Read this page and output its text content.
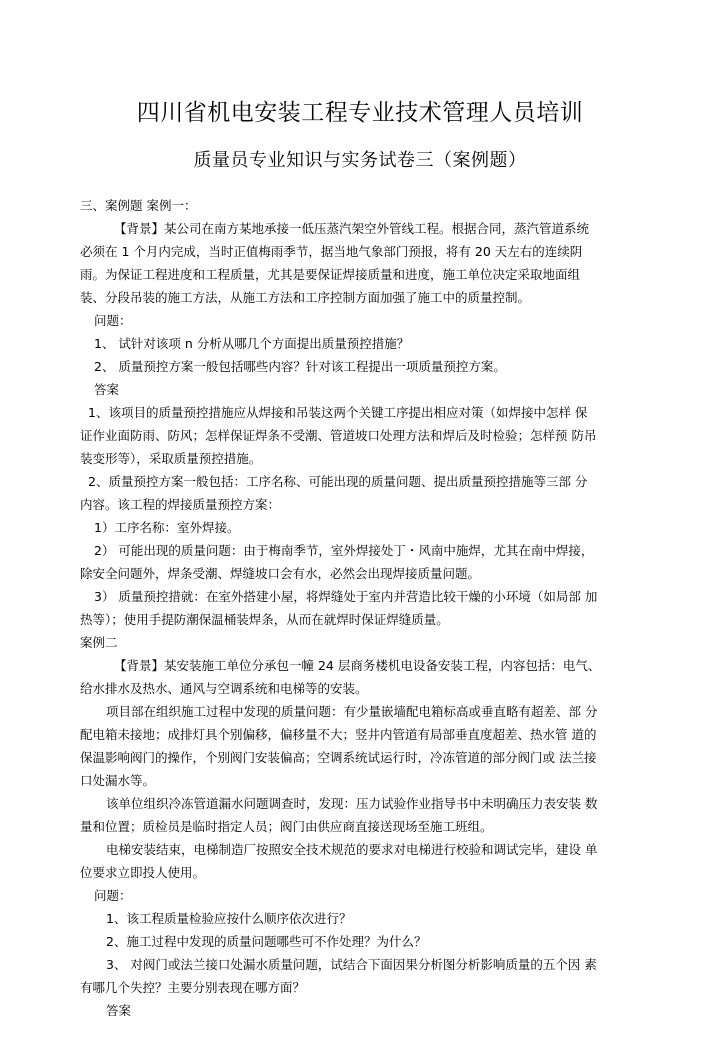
四川省机电安装工程专业技术管理人员培训
质量员专业知识与实务试卷三（案例题）
三、案例题 案例一：
【背景】某公司在南方某地承接一低压蒸汽架空外管线工程。根据合同，蒸汽管道系统
必须在 1 个月内完成，当时正值梅雨季节，据当地气象部门预报，将有 20 天左右的连续阴
雨。为保证工程进度和工程质量，尤其是要保证焊接质量和进度，施工单位决定采取地面组
装、分段吊装的施工方法，从施工方法和工序控制方面加强了施工中的质量控制。
问题：
1、 试针对该项 n 分析从哪几个方面提出质量预控措施？
2、 质量预控方案一般包括哪些内容？针对该工程提出一项质量预控方案。
答案
1、该项目的质量预控措施应从焊接和吊装这两个关键工序提出相应对策（如焊接中怎样 保
证作业面防雨、防风；怎样保证焊条不受潮、管道坡口处理方法和焊后及时检验；怎样预 防吊
装变形等），采取质量预控措施。
2、质量预控方案一般包括：工序名称、可能出现的质量问题、提出质量预控措施等三部 分
内容。该工程的焊接质量预控方案：
1）工序名称：室外焊接。
2） 可能出现的质量问题：由于梅南季节，室外焊接处丁・风南中施焊，尤其在南中焊接，
除安全问题外，焊条受潮、焊缝坡口会有水，必然会出现焊接质量问题。
3） 质量预控措就：在室外搭建小屋，将焊缝处于室内并营造比较干燥的小环境（如局部 加
热等）；使用手提防潮保温桶装焊条，从而在就焊时保证焊缝质量。
案例二
【背景】某安装施工单位分承包一幢 24 层商务楼机电设备安装工程，内容包括：电气、
给水排水及热水、通风与空调系统和电梯等的安装。
项目部在组织施工过程中发现的质量问题：有少量嵌墙配电箱标高或垂直略有超差、部 分
配电箱未接地；成排灯具个别偏移，偏移量不大；竖井内管道有局部垂直度超差、热水管 道的
保温影响阀门的操作，个别阀门安装偏高；空调系统试运行时，冷冻管道的部分阀门或 法兰接
口处漏水等。
该单位组织冷冻管道漏水问题调查时，发现：压力试验作业指导书中未明确压力表安装 数
量和位置；质检员是临时指定人员；阀门由供应商直接送现场至施工班组。
电梯安装结束，电梯制造厂按照安全技术规范的要求对电梯进行校验和调试完毕，建设 单
位要求立即投人使用。
问题：
1、该工程质量检验应按什么顺序依次进行？
2、施工过程中发现的质量问题哪些可不作处理？为什么？
3、 对阀门或法兰接口处漏水质量问题，试结合下面因果分析图分析影响质量的五个因 素
有哪几个失控？主要分别表现在哪方面？
答案
